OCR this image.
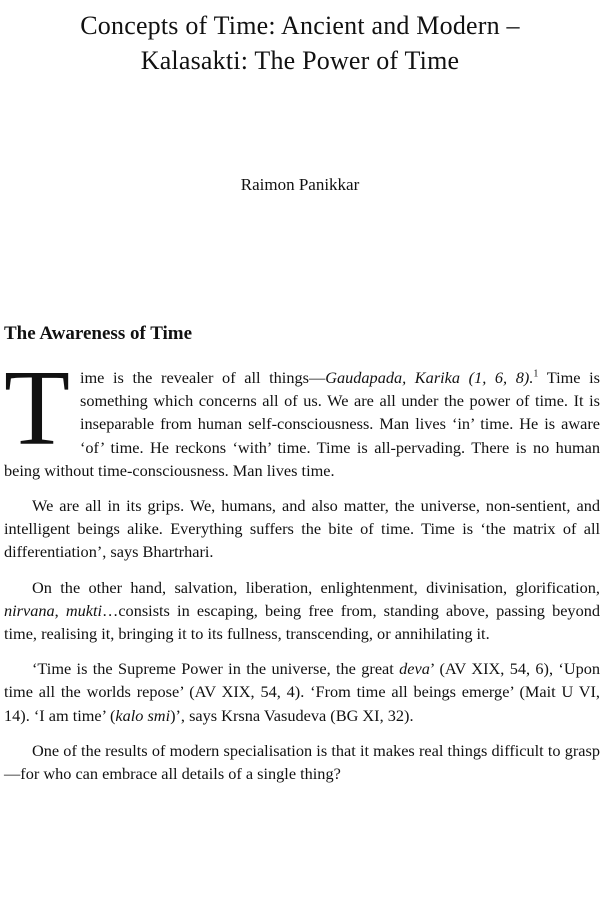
Concepts of Time: Ancient and Modern –
Kalasakti: The Power of Time

Raimon Panikkar

The Awareness of Time

Time is the revealer of all things—Gaudapada, Karika (1, 6, 8).$^1$ Time is something which concerns all of us. We are all under the power of time. It is inseparable from human self-consciousness. Man lives ‘in’ time. He is aware ‘of’ time. He reckons ‘with’ time. Time is all-pervading. There is no human being without time-consciousness. Man lives time.

We are all in its grips. We, humans, and also matter, the universe, non-sentient, and intelligent beings alike. Everything suffers the bite of time. Time is ‘the matrix of all differentiation’, says Bhartrhari.

On the other hand, salvation, liberation, enlightenment, divinisation, glorification, nirvana, mukti…consists in escaping, being free from, standing above, passing beyond time, realising it, bringing it to its fullness, transcending, or annihilating it.

‘Time is the Supreme Power in the universe, the great deva’ (AV XIX, 54, 6), ‘Upon time all the worlds repose’ (AV XIX, 54, 4). ‘From time all beings emerge’ (Mait U VI, 14). ‘I am time’ (kalo smi)’, says Krsna Vasudeva (BG XI, 32).

One of the results of modern specialisation is that it makes real things difficult to grasp—for who can embrace all details of a single thing?
